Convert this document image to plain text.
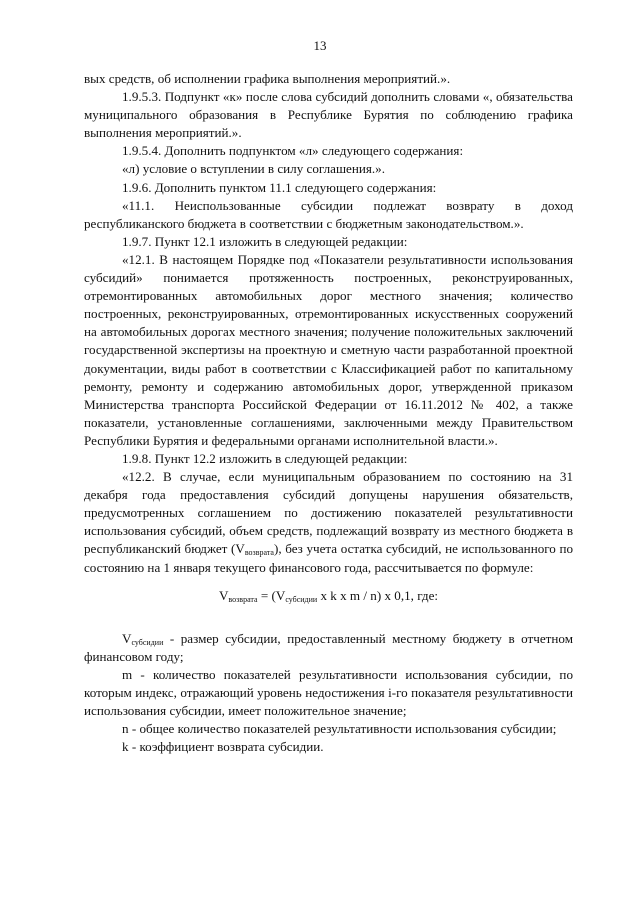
13

вых средств, об исполнении графика выполнения мероприятий.».

1.9.5.3. Подпункт «к» после слова субсидий дополнить словами «, обязательства муниципального образования в Республике Бурятия по соблюдению графика выполнения мероприятий.».

1.9.5.4. Дополнить подпунктом «л» следующего содержания:

«л) условие о вступлении в силу соглашения.».

1.9.6. Дополнить пунктом 11.1 следующего содержания:

«11.1. Неиспользованные субсидии подлежат возврату в доход республиканского бюджета в соответствии с бюджетным законодательством.».

1.9.7. Пункт 12.1 изложить в следующей редакции:

«12.1. В настоящем Порядке под «Показатели результативности использования субсидий» понимается протяженность построенных, реконструированных, отремонтированных автомобильных дорог местного значения; количество построенных, реконструированных, отремонтированных искусственных сооружений на автомобильных дорогах местного значения; получение положительных заключений государственной экспертизы на проектную и сметную части разработанной проектной документации, виды работ в соответствии с Классификацией работ по капитальному ремонту, ремонту и содержанию автомобильных дорог, утвержденной приказом Министерства транспорта Российской Федерации от 16.11.2012 № 402, а также показатели, установленные соглашениями, заключенными между Правительством Республики Бурятия и федеральными органами исполнительной власти.».

1.9.8. Пункт 12.2 изложить в следующей редакции:

«12.2. В случае, если муниципальным образованием по состоянию на 31 декабря года предоставления субсидий допущены нарушения обязательств, предусмотренных соглашением по достижению показателей результативности использования субсидий, объем средств, подлежащий возврату из местного бюджета в республиканский бюджет $(V_{возврата})$, без учета остатка субсидий, не использованного по состоянию на 1 января текущего финансового года, рассчитывается по формуле:

$V_{возврата} = (V_{субсидии}$ x k x m / n) x 0,1, где:

$V_{субсидии}$ - размер субсидии, предоставленный местному бюджету в отчетном финансовом году;

m - количество показателей результативности использования субсидии, по которым индекс, отражающий уровень недостижения i-го показателя результативности использования субсидии, имеет положительное значение;

n - общее количество показателей результативности использования субсидии;

k - коэффициент возврата субсидии.
